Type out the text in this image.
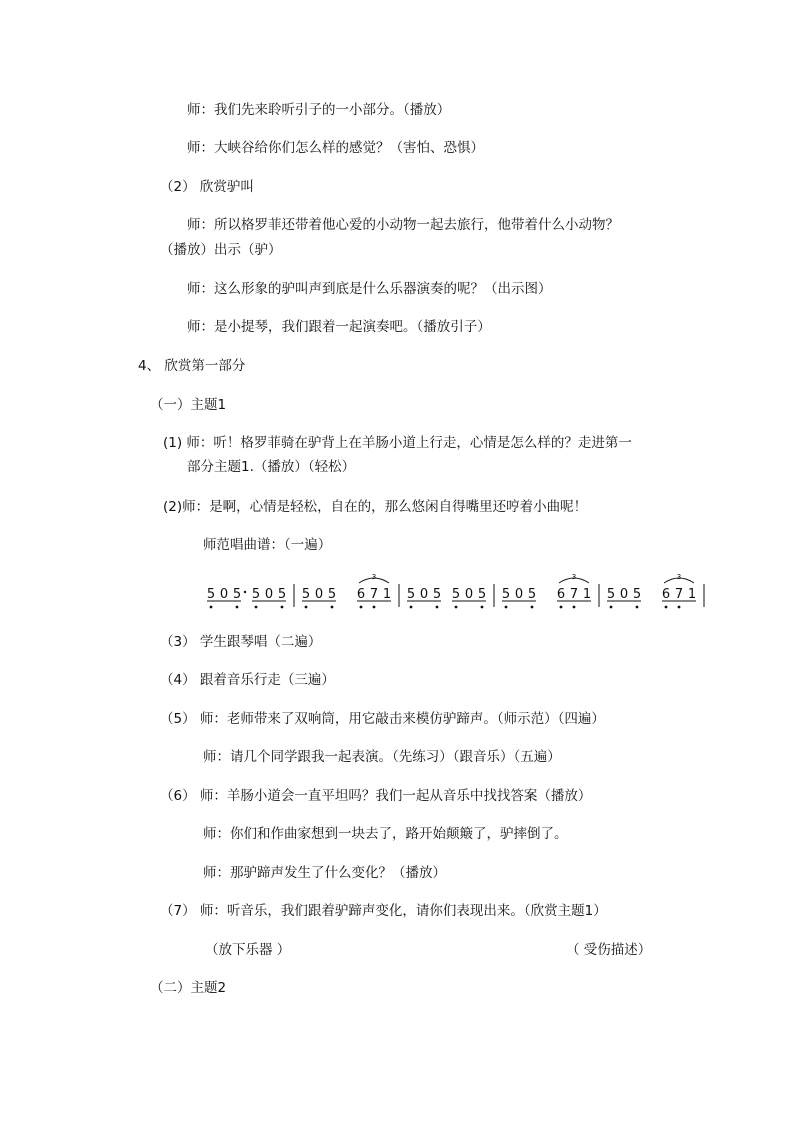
师：我们先来聆听引子的一小部分。（播放）
师：大峡谷给你们怎么样的感觉？（害怕、恐惧）
（2） 欣赏驴叫
师：所以格罗菲还带着他心爱的小动物一起去旅行，他带着什么小动物？
（播放）出示（驴）
师：这么形象的驴叫声到底是什么乐器演奏的呢？（出示图）
师：是小提琴，我们跟着一起演奏吧。（播放引子）
4、 欣赏第一部分
（一）主题1
(1) 师：听！格罗菲骑在驴背上在羊肠小道上行走，心情是怎么样的？走进第一
部分主题1.（播放）（轻松）
(2)师：是啊，心情是轻松，自在的，那么悠闲自得嘴里还哼着小曲呢！
师范唱曲谱：（一遍）
5 0 5 5 0 5 5 0 5 6 7 1
3
5 0 5 5 0 5 5 0 5 6 7 1
3
5 0 5 6 7 1
3
（3） 学生跟琴唱（二遍）
（4） 跟着音乐行走（三遍）
（5） 师：老师带来了双响筒，用它敲击来模仿驴蹄声。（师示范）（四遍）
师：请几个同学跟我一起表演。（先练习）（跟音乐）（五遍）
（6） 师：羊肠小道会一直平坦吗？我们一起从音乐中找找答案（播放）
师：你们和作曲家想到一块去了，路开始颠簸了，驴摔倒了。
师：那驴蹄声发生了什么变化？（播放）
（7） 师：听音乐，我们跟着驴蹄声变化，请你们表现出来。（欣赏主题1）
（放下乐器 ）	（ 受伤描述）
（二）主题2
